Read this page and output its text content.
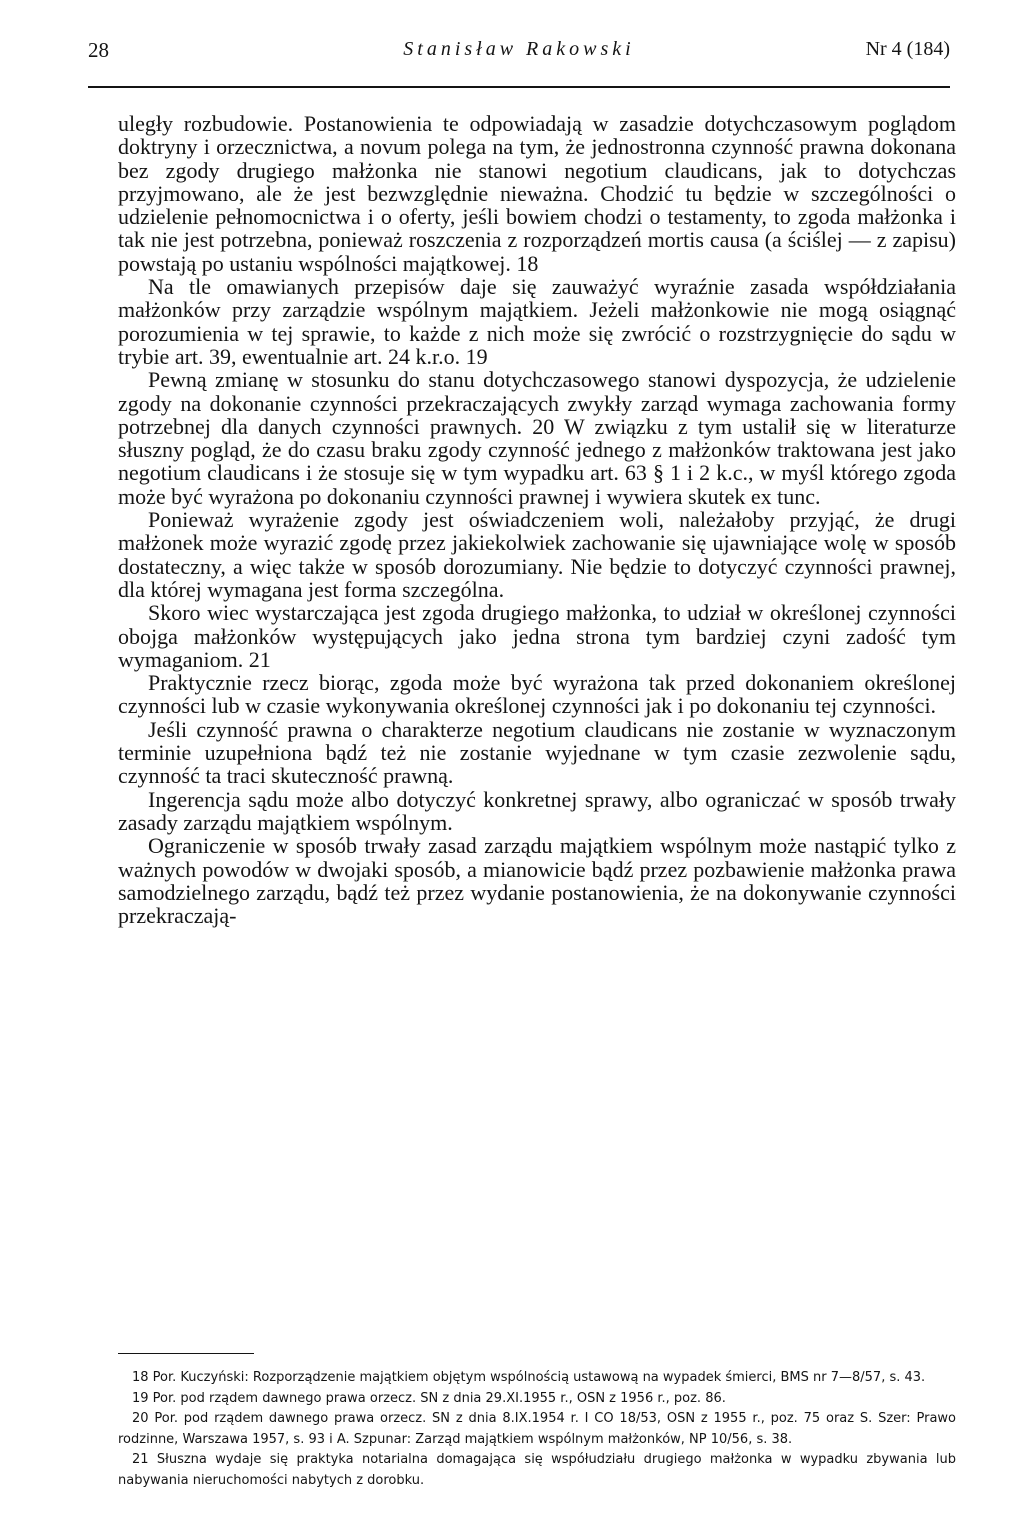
28	Stanisław Rakowski	Nr 4 (184)

uległy rozbudowie. Postanowienia te odpowiadają w zasadzie dotychczasowym poglądom doktryny i orzecznictwa, a novum polega na tym, że jednostronna czynność prawna dokonana bez zgody drugiego małżonka nie stanowi negotium claudicans, jak to dotychczas przyjmowano, ale że jest bezwzględnie nieważna. Chodzić tu będzie w szczególności o udzielenie pełnomocnictwa i o oferty, jeśli bowiem chodzi o testamenty, to zgoda małżonka i tak nie jest potrzebna, ponieważ roszczenia z rozporządzeń mortis causa (a ściślej — z zapisu) powstają po ustaniu wspólności majątkowej. 18

Na tle omawianych przepisów daje się zauważyć wyraźnie zasada współdziałania małżonków przy zarządzie wspólnym majątkiem. Jeżeli małżonkowie nie mogą osiągnąć porozumienia w tej sprawie, to każde z nich może się zwrócić o rozstrzygnięcie do sądu w trybie art. 39, ewentualnie art. 24 k.r.o. 19

Pewną zmianę w stosunku do stanu dotychczasowego stanowi dyspozycja, że udzielenie zgody na dokonanie czynności przekraczających zwykły zarząd wymaga zachowania formy potrzebnej dla danych czynności prawnych. 20 W związku z tym ustalił się w literaturze słuszny pogląd, że do czasu braku zgody czynność jednego z małżonków traktowana jest jako negotium claudicans i że stosuje się w tym wypadku art. 63 § 1 i 2 k.c., w myśl którego zgoda może być wyrażona po dokonaniu czynności prawnej i wywiera skutek ex tunc.

Ponieważ wyrażenie zgody jest oświadczeniem woli, należałoby przyjąć, że drugi małżonek może wyrazić zgodę przez jakiekolwiek zachowanie się ujawniające wolę w sposób dostateczny, a więc także w sposób dorozumiany. Nie będzie to dotyczyć czynności prawnej, dla której wymagana jest forma szczególna.

Skoro wiec wystarczająca jest zgoda drugiego małżonka, to udział w określonej czynności obojga małżonków występujących jako jedna strona tym bardziej czyni zadość tym wymaganiom. 21

Praktycznie rzecz biorąc, zgoda może być wyrażona tak przed dokonaniem określonej czynności lub w czasie wykonywania określonej czynności jak i po dokonaniu tej czynności.

Jeśli czynność prawna o charakterze negotium claudicans nie zostanie w wyznaczonym terminie uzupełniona bądź też nie zostanie wyjednane w tym czasie zezwolenie sądu, czynność ta traci skuteczność prawną.

Ingerencja sądu może albo dotyczyć konkretnej sprawy, albo ograniczać w sposób trwały zasady zarządu majątkiem wspólnym.

Ograniczenie w sposób trwały zasad zarządu majątkiem wspólnym może nastąpić tylko z ważnych powodów w dwojaki sposób, a mianowicie bądź przez pozbawienie małżonka prawa samodzielnego zarządu, bądź też przez wydanie postanowienia, że na dokonywanie czynności przekraczają-

18 Por. Kuczyński: Rozporządzenie majątkiem objętym wspólnością ustawową na wypadek śmierci, BMS nr 7—8/57, s. 43.

19 Por. pod rządem dawnego prawa orzecz. SN z dnia 29.XI.1955 r., OSN z 1956 r., poz. 86.

20 Por. pod rządem dawnego prawa orzecz. SN z dnia 8.IX.1954 r. I CO 18/53, OSN z 1955 r., poz. 75 oraz S. Szer: Prawo rodzinne, Warszawa 1957, s. 93 i A. Szpunar: Zarząd majątkiem wspólnym małżonków, NP 10/56, s. 38.

21 Słuszna wydaje się praktyka notarialna domagająca się współudziału drugiego małżonka w wypadku zbywania lub nabywania nieruchomości nabytych z dorobku.
